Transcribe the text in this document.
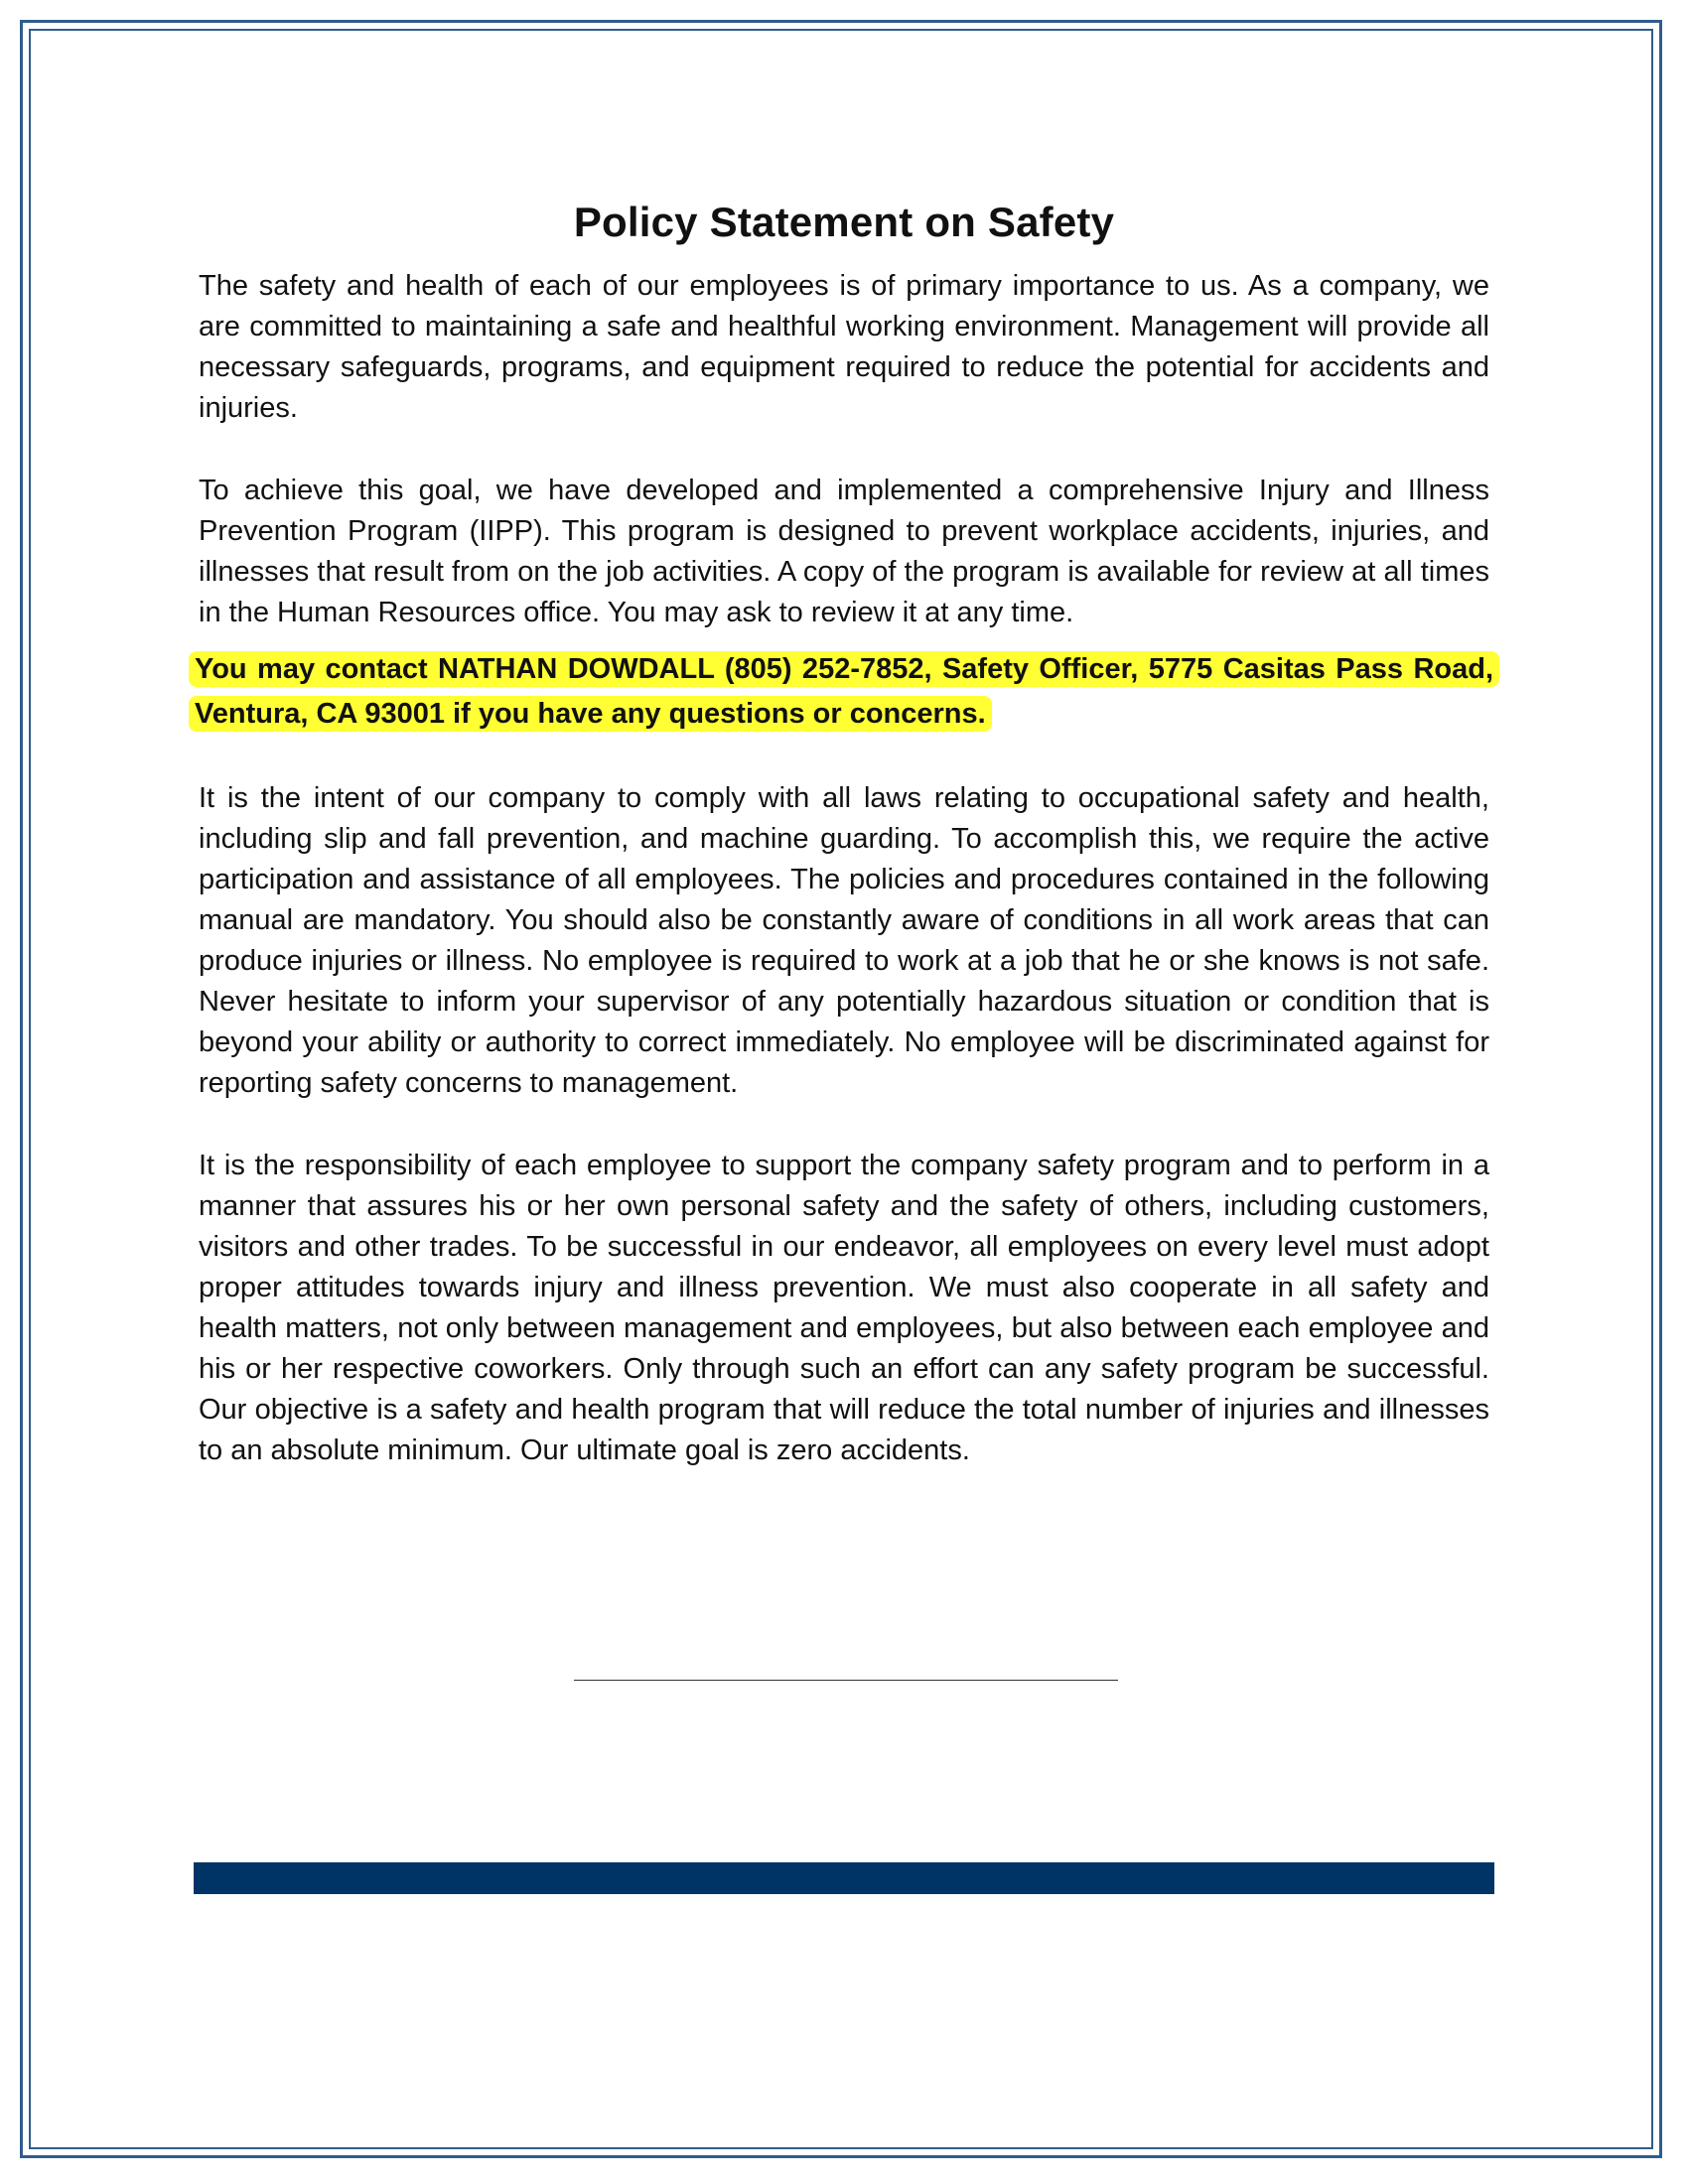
Policy Statement on Safety

The safety and health of each of our employees is of primary importance to us. As a company, we are committed to maintaining a safe and healthful working environment. Management will provide all necessary safeguards, programs, and equipment required to reduce the potential for accidents and injuries.

To achieve this goal, we have developed and implemented a comprehensive Injury and Illness Prevention Program (IIPP). This program is designed to prevent workplace accidents, injuries, and illnesses that result from on the job activities. A copy of the program is available for review at all times in the Human Resources office. You may ask to review it at any time.

You may contact NATHAN DOWDALL (805) 252-7852, Safety Officer, 5775 Casitas Pass Road, Ventura, CA 93001 if you have any questions or concerns.

It is the intent of our company to comply with all laws relating to occupational safety and health, including slip and fall prevention, and machine guarding. To accomplish this, we require the active participation and assistance of all employees. The policies and procedures contained in the following manual are mandatory. You should also be constantly aware of conditions in all work areas that can produce injuries or illness. No employee is required to work at a job that he or she knows is not safe. Never hesitate to inform your supervisor of any potentially hazardous situation or condition that is beyond your ability or authority to correct immediately. No employee will be discriminated against for reporting safety concerns to management.

It is the responsibility of each employee to support the company safety program and to perform in a manner that assures his or her own personal safety and the safety of others, including customers, visitors and other trades. To be successful in our endeavor, all employees on every level must adopt proper attitudes towards injury and illness prevention. We must also cooperate in all safety and health matters, not only between management and employees, but also between each employee and his or her respective coworkers. Only through such an effort can any safety program be successful. Our objective is a safety and health program that will reduce the total number of injuries and illnesses to an absolute minimum. Our ultimate goal is zero accidents.
